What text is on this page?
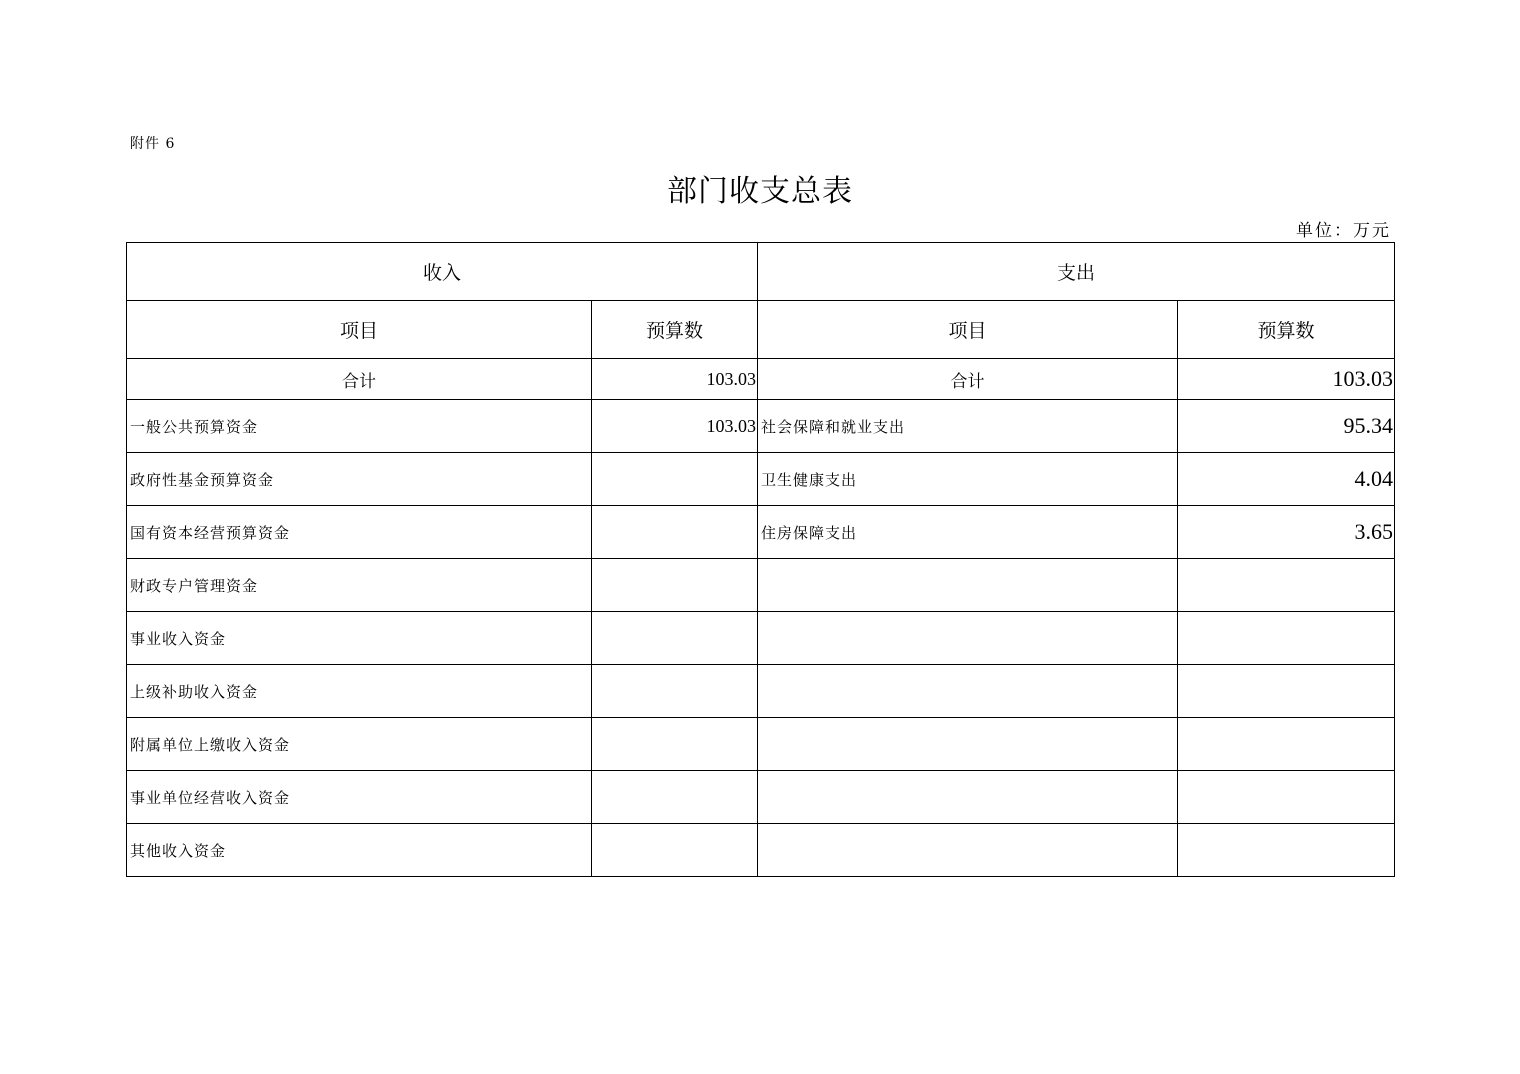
附件 6
部门收支总表
单位：万元
收入		支出	
项目	预算数	项目	预算数
合计	103.03	合计	103.03
一般公共预算资金	103.03	社会保障和就业支出	95.34
政府性基金预算资金		卫生健康支出	4.04
国有资本经营预算资金		住房保障支出	3.65
财政专户管理资金			
事业收入资金			
上级补助收入资金			
附属单位上缴收入资金			
事业单位经营收入资金			
其他收入资金			
